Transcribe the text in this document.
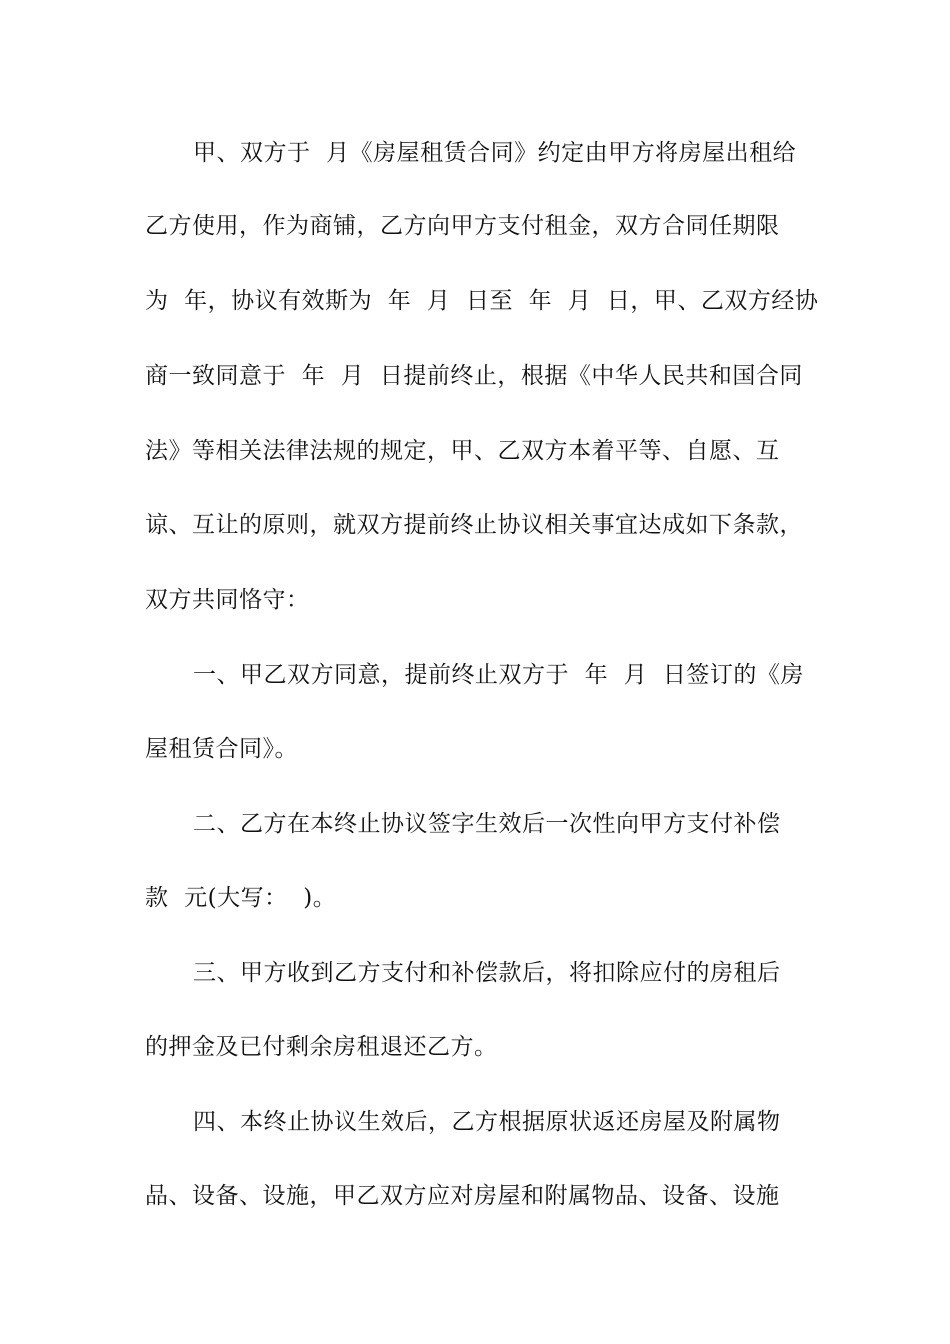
甲、双方于  月《房屋租赁合同》约定由甲方将房屋出租给
乙方使用，作为商铺，乙方向甲方支付租金，双方合同任期限
为  年，协议有效斯为  年  月  日至  年  月  日，甲、乙双方经协
商一致同意于  年  月  日提前终止，根据《中华人民共和国合同
法》等相关法律法规的规定，甲、乙双方本着平等、自愿、互
谅、互让的原则，就双方提前终止协议相关事宜达成如下条款，
双方共同恪守：
一、甲乙双方同意，提前终止双方于  年  月  日签订的《房
屋租赁合同》。
二、乙方在本终止协议签字生效后一次性向甲方支付补偿
款  元(大写：  )。
三、甲方收到乙方支付和补偿款后，将扣除应付的房租后
的押金及已付剩余房租退还乙方。
四、本终止协议生效后，乙方根据原状返还房屋及附属物
品、设备、设施，甲乙双方应对房屋和附属物品、设备、设施
